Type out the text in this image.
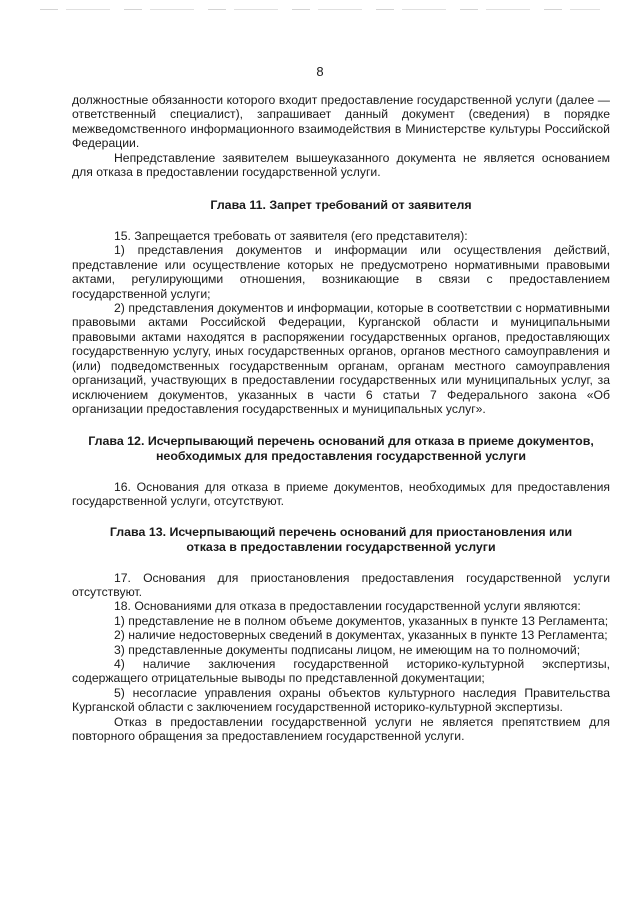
8

должностные обязанности которого входит предоставление государственной услуги (далее — ответственный специалист), запрашивает данный документ (сведения) в порядке межведомственного информационного взаимодействия в Министерстве культуры Российской Федерации.

Непредставление заявителем вышеуказанного документа не является основанием для отказа в предоставлении государственной услуги.

Глава 11. Запрет требований от заявителя

15. Запрещается требовать от заявителя (его представителя):

1) представления документов и информации или осуществления действий, представление или осуществление которых не предусмотрено нормативными правовыми актами, регулирующими отношения, возникающие в связи с предоставлением государственной услуги;

2) представления документов и информации, которые в соответствии с нормативными правовыми актами Российской Федерации, Курганской области и муниципальными правовыми актами находятся в распоряжении государственных органов, предоставляющих государственную услугу, иных государственных органов, органов местного самоуправления и (или) подведомственных государственным органам, органам местного самоуправления организаций, участвующих в предоставлении государственных или муниципальных услуг, за исключением документов, указанных в части 6 статьи 7 Федерального закона «Об организации предоставления государственных и муниципальных услуг».

Глава 12. Исчерпывающий перечень оснований для отказа в приеме документов, необходимых для предоставления государственной услуги

16. Основания для отказа в приеме документов, необходимых для предоставления государственной услуги, отсутствуют.

Глава 13. Исчерпывающий перечень оснований для приостановления или отказа в предоставлении государственной услуги

17. Основания для приостановления предоставления государственной услуги отсутствуют.

18. Основаниями для отказа в предоставлении государственной услуги являются:

1) представление не в полном объеме документов, указанных в пункте 13 Регламента;

2) наличие недостоверных сведений в документах, указанных в пункте 13 Регламента;

3) представленные документы подписаны лицом, не имеющим на то полномочий;

4) наличие заключения государственной историко-культурной экспертизы, содержащего отрицательные выводы по представленной документации;

5) несогласие управления охраны объектов культурного наследия Правительства Курганской области с заключением государственной историко-культурной экспертизы.

Отказ в предоставлении государственной услуги не является препятствием для повторного обращения за предоставлением государственной услуги.
